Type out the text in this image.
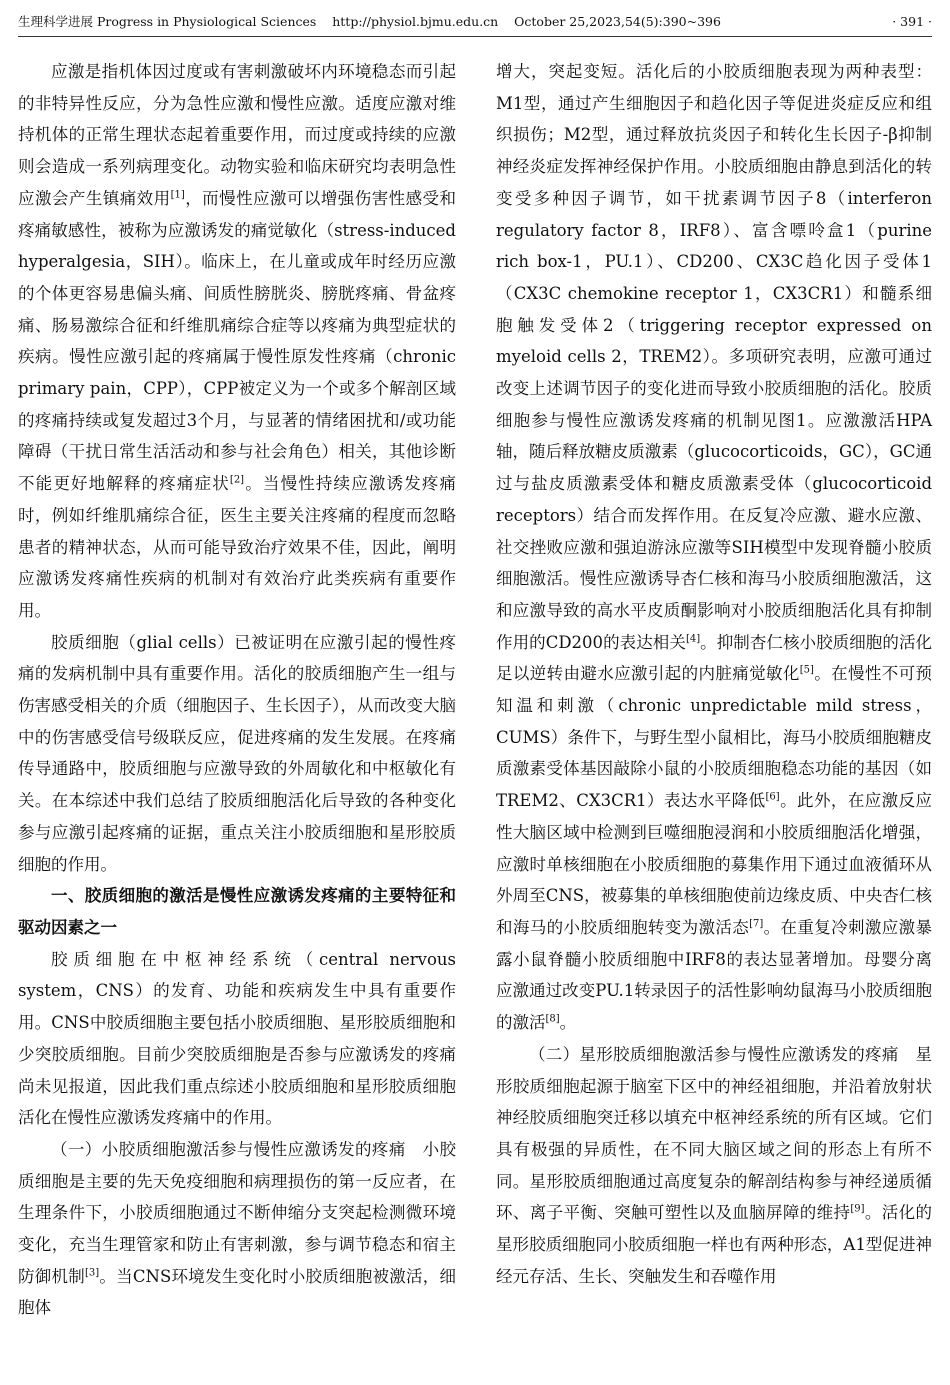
生理科学进展 Progress in Physiological Sciences http://physiol.bjmu.edu.cn October 25,2023,54(5):390~396	· 391 ·

应激是指机体因过度或有害刺激破坏内环境稳态而引起的非特异性反应，分为急性应激和慢性应激。适度应激对维持机体的正常生理状态起着重要作用，而过度或持续的应激则会造成一系列病理变化。动物实验和临床研究均表明急性应激会产生镇痛效用[1]，而慢性应激可以增强伤害性感受和疼痛敏感性，被称为应激诱发的痛觉敏化（stress-induced hyperalgesia，SIH）。临床上，在儿童或成年时经历应激的个体更容易患偏头痛、间质性膀胱炎、膀胱疼痛、骨盆疼痛、肠易激综合征和纤维肌痛综合症等以疼痛为典型症状的疾病。慢性应激引起的疼痛属于慢性原发性疼痛（chronic primary pain，CPP），CPP被定义为一个或多个解剖区域的疼痛持续或复发超过3个月，与显著的情绪困扰和/或功能障碍（干扰日常生活活动和参与社会角色）相关，其他诊断不能更好地解释的疼痛症状[2]。当慢性持续应激诱发疼痛时，例如纤维肌痛综合征，医生主要关注疼痛的程度而忽略患者的精神状态，从而可能导致治疗效果不佳，因此，阐明应激诱发疼痛性疾病的机制对有效治疗此类疾病有重要作用。

胶质细胞（glial cells）已被证明在应激引起的慢性疼痛的发病机制中具有重要作用。活化的胶质细胞产生一组与伤害感受相关的介质（细胞因子、生长因子），从而改变大脑中的伤害感受信号级联反应，促进疼痛的发生发展。在疼痛传导通路中，胶质细胞与应激导致的外周敏化和中枢敏化有关。在本综述中我们总结了胶质细胞活化后导致的各种变化参与应激引起疼痛的证据，重点关注小胶质细胞和星形胶质细胞的作用。

一、胶质细胞的激活是慢性应激诱发疼痛的主要特征和驱动因素之一

胶质细胞在中枢神经系统（central nervous system，CNS）的发育、功能和疾病发生中具有重要作用。CNS中胶质细胞主要包括小胶质细胞、星形胶质细胞和少突胶质细胞。目前少突胶质细胞是否参与应激诱发的疼痛尚未见报道，因此我们重点综述小胶质细胞和星形胶质细胞活化在慢性应激诱发疼痛中的作用。

（一）小胶质细胞激活参与慢性应激诱发的疼痛　小胶质细胞是主要的先天免疫细胞和病理损伤的第一反应者，在生理条件下，小胶质细胞通过不断伸缩分支突起检测微环境变化，充当生理管家和防止有害刺激，参与调节稳态和宿主防御机制[3]。当CNS环境发生变化时小胶质细胞被激活，细胞体

增大，突起变短。活化后的小胶质细胞表现为两种表型：M1型，通过产生细胞因子和趋化因子等促进炎症反应和组织损伤；M2型，通过释放抗炎因子和转化生长因子-β抑制神经炎症发挥神经保护作用。小胶质细胞由静息到活化的转变受多种因子调节，如干扰素调节因子8（interferon regulatory factor 8，IRF8）、富含嘌呤盒1（purine rich box-1，PU.1）、CD200、CX3C趋化因子受体1（CX3C chemokine receptor 1，CX3CR1）和髓系细胞触发受体2（triggering receptor expressed on myeloid cells 2，TREM2）。多项研究表明，应激可通过改变上述调节因子的变化进而导致小胶质细胞的活化。胶质细胞参与慢性应激诱发疼痛的机制见图1。应激激活HPA轴，随后释放糖皮质激素（glucocorticoids，GC），GC通过与盐皮质激素受体和糖皮质激素受体（glucocorticoid receptors）结合而发挥作用。在反复冷应激、避水应激、社交挫败应激和强迫游泳应激等SIH模型中发现脊髓小胶质细胞激活。慢性应激诱导杏仁核和海马小胶质细胞激活，这和应激导致的高水平皮质酮影响对小胶质细胞活化具有抑制作用的CD200的表达相关[4]。抑制杏仁核小胶质细胞的活化足以逆转由避水应激引起的内脏痛觉敏化[5]。在慢性不可预知温和刺激（chronic unpredictable mild stress，CUMS）条件下，与野生型小鼠相比，海马小胶质细胞糖皮质激素受体基因敲除小鼠的小胶质细胞稳态功能的基因（如TREM2、CX3CR1）表达水平降低[6]。此外，在应激反应性大脑区域中检测到巨噬细胞浸润和小胶质细胞活化增强，应激时单核细胞在小胶质细胞的募集作用下通过血液循环从外周至CNS，被募集的单核细胞使前边缘皮质、中央杏仁核和海马的小胶质细胞转变为激活态[7]。在重复冷刺激应激暴露小鼠脊髓小胶质细胞中IRF8的表达显著增加。母婴分离应激通过改变PU.1转录因子的活性影响幼鼠海马小胶质细胞的激活[8]。

（二）星形胶质细胞激活参与慢性应激诱发的疼痛　星形胶质细胞起源于脑室下区中的神经祖细胞，并沿着放射状神经胶质细胞突迁移以填充中枢神经系统的所有区域。它们具有极强的异质性，在不同大脑区域之间的形态上有所不同。星形胶质细胞通过高度复杂的解剖结构参与神经递质循环、离子平衡、突触可塑性以及血脑屏障的维持[9]。活化的星形胶质细胞同小胶质细胞一样也有两种形态，A1型促进神经元存活、生长、突触发生和吞噬作用
